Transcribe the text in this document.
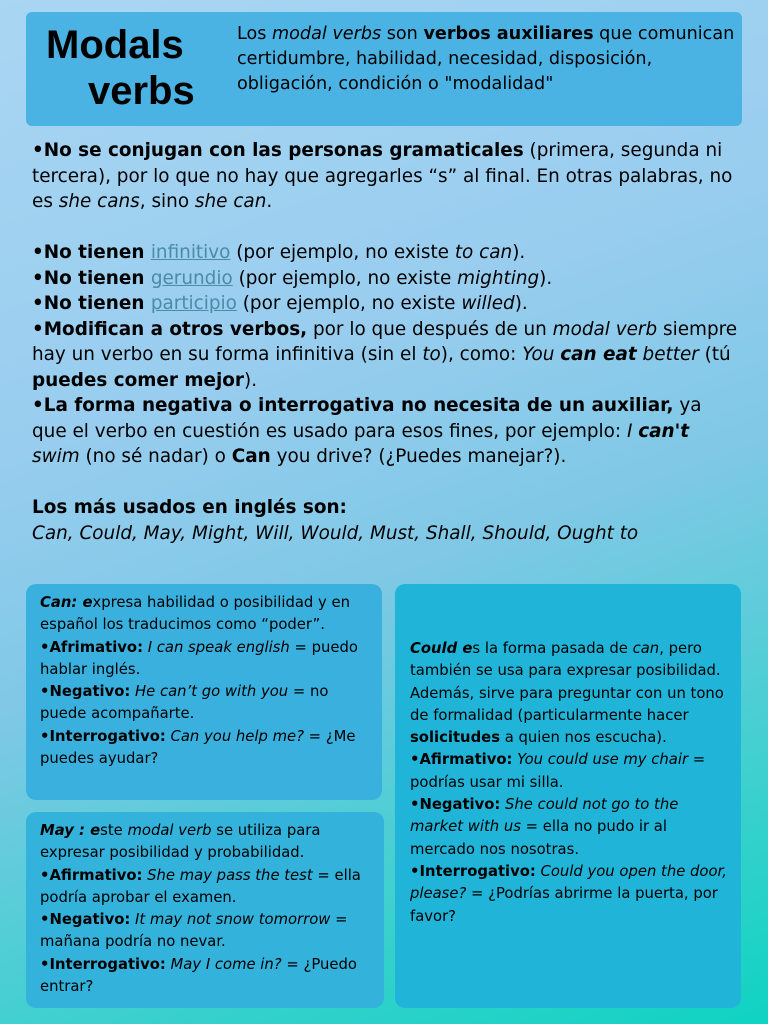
Modals
verbs
Los modal verbs son verbos auxiliares que comunican certidumbre, habilidad, necesidad, disposición, obligación, condición o "modalidad"

•No se conjugan con las personas gramaticales (primera, segunda ni tercera), por lo que no hay que agregarles “s” al final. En otras palabras, no es she cans, sino she can.

•No tienen infinitivo (por ejemplo, no existe to can).

•No tienen gerundio (por ejemplo, no existe mighting).

•No tienen participio (por ejemplo, no existe willed).

•Modifican a otros verbos, por lo que después de un modal verb siempre hay un verbo en su forma infinitiva (sin el to), como: You can eat better (tú puedes comer mejor).

•La forma negativa o interrogativa no necesita de un auxiliar, ya que el verbo en cuestión es usado para esos fines, por ejemplo: I can't swim (no sé nadar) o Can you drive? (¿Puedes manejar?).

Los más usados en inglés son:

Can, Could, May, Might, Will, Would, Must, Shall, Should, Ought to

Can: expresa habilidad o posibilidad y en español los traducimos como “poder”.

•Afrimativo: I can speak english = puedo hablar inglés.

•Negativo: He can’t go with you = no puede acompañarte.

•Interrogativo: Can you help me? = ¿Me puedes ayudar?

May : este modal verb se utiliza para expresar posibilidad y probabilidad.

•Afirmativo: She may pass the test = ella podría aprobar el examen.

•Negativo: It may not snow tomorrow = mañana podría no nevar.

•Interrogativo: May I come in? = ¿Puedo entrar?

Could es la forma pasada de can, pero también se usa para expresar posibilidad. Además, sirve para preguntar con un tono de formalidad (particularmente hacer solicitudes a quien nos escucha).

•Afirmativo: You could use my chair = podrías usar mi silla.

•Negativo: She could not go to the market with us = ella no pudo ir al mercado nos nosotras.

•Interrogativo: Could you open the door, please? = ¿Podrías abrirme la puerta, por favor?
